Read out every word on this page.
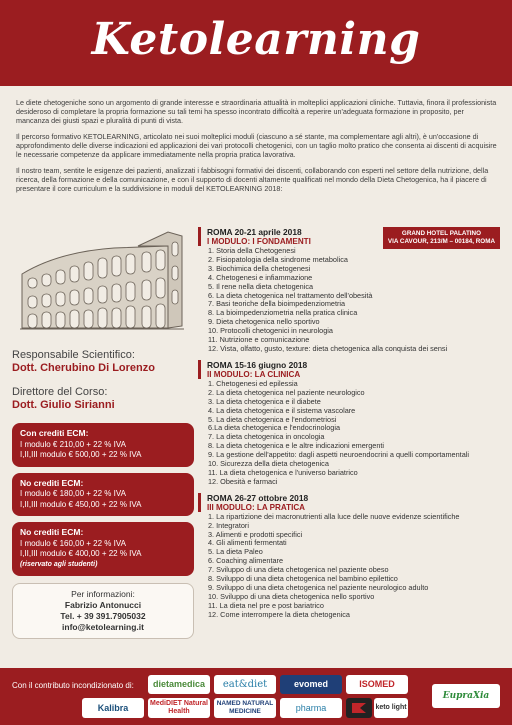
Ketolearning

Le diete chetogeniche sono un argomento di grande interesse e straordinaria attualità in molteplici applicazioni cliniche. Tuttavia, finora il professionista desideroso di completare la propria formazione su tali temi ha spesso incontrato difficoltà a reperire un'adeguata formazione in proposito, per mancanza dei giusti spazi e pluralità di punti di vista.

Il percorso formativo KETOLEARNING, articolato nei suoi molteplici moduli (ciascuno a sé stante, ma complementare agli altri), è un'occasione di approfondimento delle diverse indicazioni ed applicazioni dei vari protocolli chetogenici, con un taglio molto pratico che consenta ai discenti di acquisire le necessarie competenze da applicare immediatamente nella propria pratica lavorativa.

Il nostro team, sentite le esigenze dei pazienti, analizzati i fabbisogni formativi dei discenti, collaborando con esperti nel settore della nutrizione, della ricerca, della formazione e della comunicazione, e con il supporto di docenti altamente qualificati nel mondo della Dieta Chetogenica, ha il piacere di presentare il core curriculum e la suddivisione in moduli del KETOLEARNING 2018:

Responsabile Scientifico:
Dott. Cherubino Di Lorenzo
Direttore del Corso:
Dott. Giulio Sirianni
Con crediti ECM:
I modulo € 210,00 + 22 % IVA
I,II,III modulo € 500,00 + 22 % IVA
No crediti ECM:
I modulo € 180,00 + 22 % IVA
I,II,III modulo € 450,00 + 22 % IVA
No crediti ECM:
I modulo € 160,00 + 22 % IVA
I,II,III modulo € 400,00 + 22 % IVA
(riservato agli studenti)
Per informazioni:
Fabrizio Antonucci
Tel. + 39 391.7905032
info@ketolearning.it
ROMA 20-21 aprile 2018
I MODULO: I FONDAMENTI
GRAND HOTEL PALATINO
VIA CAVOUR, 213/M – 00184, ROMA
1. Storia della Chetogenesi
2. Fisiopatologia della sindrome metabolica
3. Biochimica della chetogenesi
4. Chetogenesi e infiammazione
5. Il rene nella dieta chetogenica
6. La dieta chetogenica nel trattamento dell'obesità
7. Basi teoriche della bioimpedenziometria
8. La bioimpedenziometria nella pratica clinica
9. Dieta chetogenica nello sportivo
10. Protocolli chetogenici in neurologia
11. Nutrizione e comunicazione
12. Vista, olfatto, gusto, texture: dieta chetogenica alla conquista dei sensi
ROMA 15-16 giugno 2018
II MODULO: LA CLINICA
1. Chetogenesi ed epilessia
2. La dieta chetogenica nel paziente neurologico
3. La dieta chetogenica e il diabete
4. La dieta chetogenica e il sistema vascolare
5. La dieta chetogenica e l'endometriosi
6.La dieta chetogenica e l'endocrinologia
7. La dieta chetogenica in oncologia
8. La dieta chetogenica e le altre indicazioni emergenti
9. La gestione dell'appetito: dagli aspetti neuroendocrini a quelli comportamentali
10. Sicurezza della dieta chetogenica
11. La dieta chetogenica e l'universo bariatrico
12. Obesità e farmaci
ROMA 26-27 ottobre 2018
III MODULO: LA PRATICA
1. La ripartizione dei macronutrienti alla luce delle nuove evidenze scientifiche
2. Integratori
3. Alimenti e prodotti specifici
4. Gli alimenti fermentati
5. La dieta Paleo
6. Coaching alimentare
7. Sviluppo di una dieta chetogenica nel paziente obeso
8. Sviluppo di una dieta chetogenica nel bambino epilettico
9. Sviluppo di una dieta chetogenica nel paziente neurologico adulto
10. Sviluppo di una dieta chetogenica nello sportivo
11. La dieta nel pre e post bariatrico
12. Come interrompere la dieta chetogenica
Con il contributo incondizionato di:	dietamedica	eat&diet	evomed	ISOMED
EupraXia
Kalibra	MediDIET Natural Health
NAMED NATURAL MEDICINE	pharma	keto light
